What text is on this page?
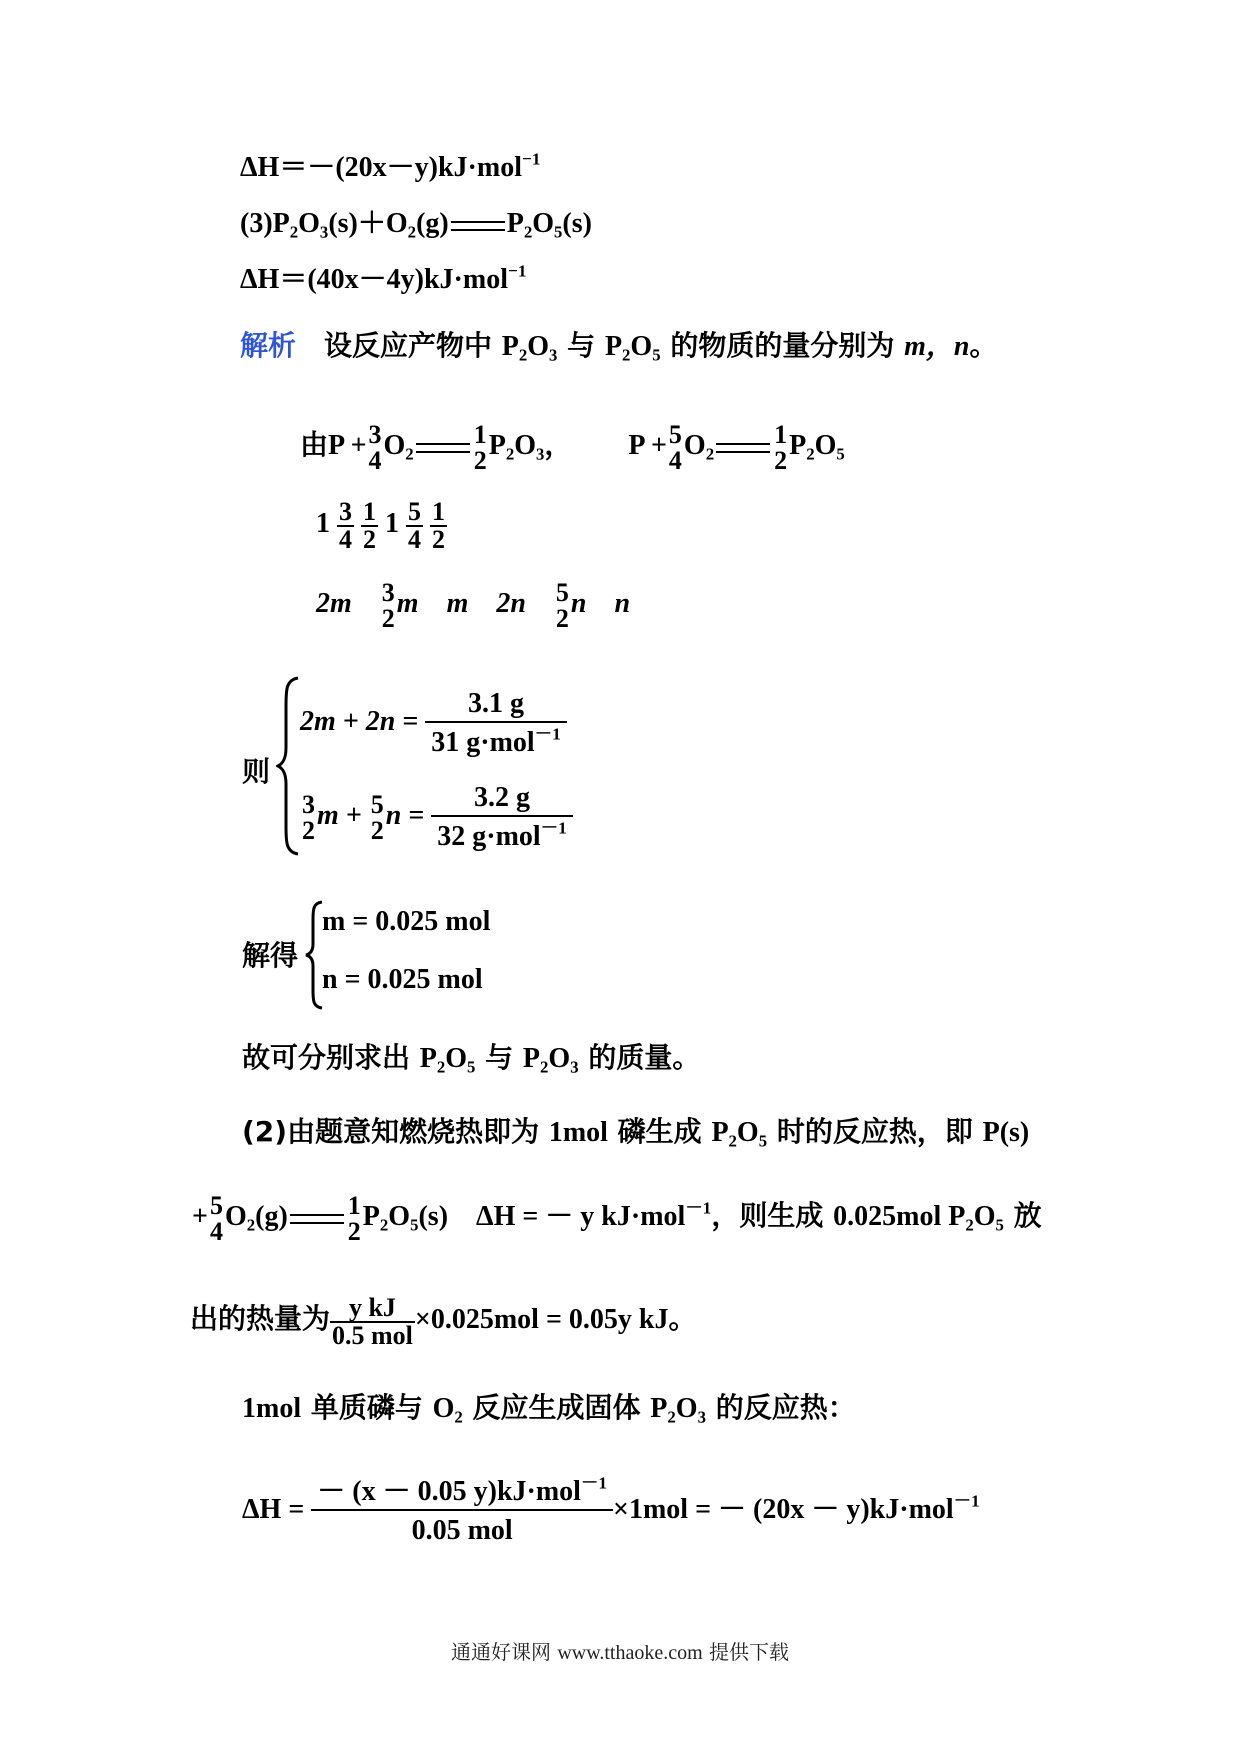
ΔH＝－(20x－y)kJ·mol$^{-1}$
(3)P₂O₃(s)＋O₂(g) P₂O₅(s)
ΔH＝(40x－4y)kJ·mol$^{-1}$
解析 设反应产物中 P₂O₃ 与 P₂O₅ 的物质的量分别为 m，n。
由P + 3
4 O₂ 1
2 P₂O₃， P + 5
4 O₂ 1
2 P₂O₅
$1 \frac{3}{4}$
$\frac{1}{2} 1 \frac{5}{4}$
$\frac{1}{2}$
2m 3
2 m m 2n 5
2 n n
则
$2m + 2n = \frac{3.1 g}{31 g\cdot mol^{-1}}$
3
2 m + 5
2 $n = \frac{3.2 g}{32 g\cdot mol^{-1}}$
解得
m = 0.025 mol
n = 0.025 mol
故可分别求出 P₂O₅ 与 P₂O₃ 的质量。
(2)由题意知燃烧热即为 1mol 磷生成 P₂O₅ 时的反应热，即 P(s)
+ 5
4 O₂(g) 1
2 P₂O₅(s) ΔH = － y kJ·mol$^{-1}$，则生成 0.025mol P₂O₅ 放
出的热量为 $\frac{\text{y kJ}}{\text{0.5 mol}} \times 0.025mol = 0.05y$ kJ。
1mol 单质磷与 O₂ 反应生成固体 P₂O₃ 的反应热：
$\Delta H = \frac{- (x - 0.05 y)kJ\cdot mol^{-1}}{\text{0.05 mol}} \times 1mol$ = － (20x － y)kJ·mol$^{-1}$
通通好课网 www.tthaoke.com 提供下载
